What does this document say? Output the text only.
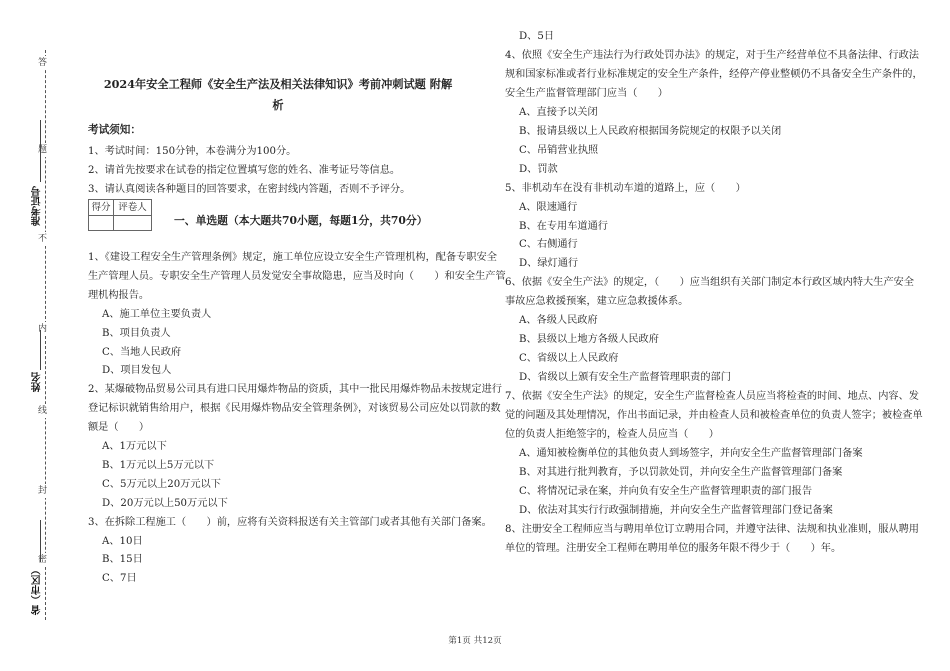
答
题
不
内
线
封
密
准考证号
姓名
省（市区）
2024年安全工程师《安全生产法及相关法律知识》考前冲刺试题 附解
析
考试须知：
1、考试时间：150分钟，本卷满分为100分。
2、请首先按要求在试卷的指定位置填写您的姓名、准考证号等信息。
3、请认真阅读各种题目的回答要求，在密封线内答题，否则不予评分。
得分 评卷人
一、单选题（本大题共70小题，每题1分，共70分）
1、《建设工程安全生产管理条例》规定，施工单位应设立安全生产管理机构，配备专职安全
生产管理人员。专职安全生产管理人员发觉安全事故隐患，应当及时向（　　）和安全生产管
理机构报告。
A、施工单位主要负责人
B、项目负责人
C、当地人民政府
D、项目发包人
2、某爆破物品贸易公司具有进口民用爆炸物品的资质，其中一批民用爆炸物品未按规定进行
登记标识就销售给用户，根据《民用爆炸物品安全管理条例》，对该贸易公司应处以罚款的数
额是（　　）
A、1万元以下
B、1万元以上5万元以下
C、5万元以上20万元以下
D、20万元以上50万元以下
3、在拆除工程施工（　　）前，应将有关资料报送有关主管部门或者其他有关部门备案。
A、10日
B、15日
C、7日
D、5日
4、依照《安全生产违法行为行政处罚办法》的规定，对于生产经营单位不具备法律、行政法
规和国家标准或者行业标准规定的安全生产条件，经停产停业整顿仍不具备安全生产条件的，
安全生产监督管理部门应当（　　）
A、直接予以关闭
B、报请县级以上人民政府根据国务院规定的权限予以关闭
C、吊销营业执照
D、罚款
5、非机动车在没有非机动车道的道路上，应（　　）
A、限速通行
B、在专用车道通行
C、右侧通行
D、绿灯通行
6、依据《安全生产法》的规定，（　　）应当组织有关部门制定本行政区域内特大生产安全
事故应急救援预案，建立应急救援体系。
A、各级人民政府
B、县级以上地方各级人民政府
C、省级以上人民政府
D、省级以上颁有安全生产监督管理职责的部门
7、依据《安全生产法》的规定，安全生产监督检查人员应当将检查的时间、地点、内容、发
觉的问题及其处理情况，作出书面记录，并由检查人员和被检查单位的负责人签字；被检查单
位的负责人拒绝签字的，检查人员应当（　　）
A、通知被检衡单位的其他负责人到场签字，并向安全生产监督管理部门备案
B、对其进行批判教育，予以罚款处罚，并向安全生产监督管理部门备案
C、将情况记录在案，并向负有安全生产监督管理职责的部门报告
D、依法对其实行行政强制措施，并向安全生产监督管理部门登记备案
8、注册安全工程师应当与聘用单位订立聘用合同，并遵守法律、法规和执业准则，服从聘用
单位的管理。注册安全工程师在聘用单位的服务年限不得少于（　　）年。
第1页 共12页
